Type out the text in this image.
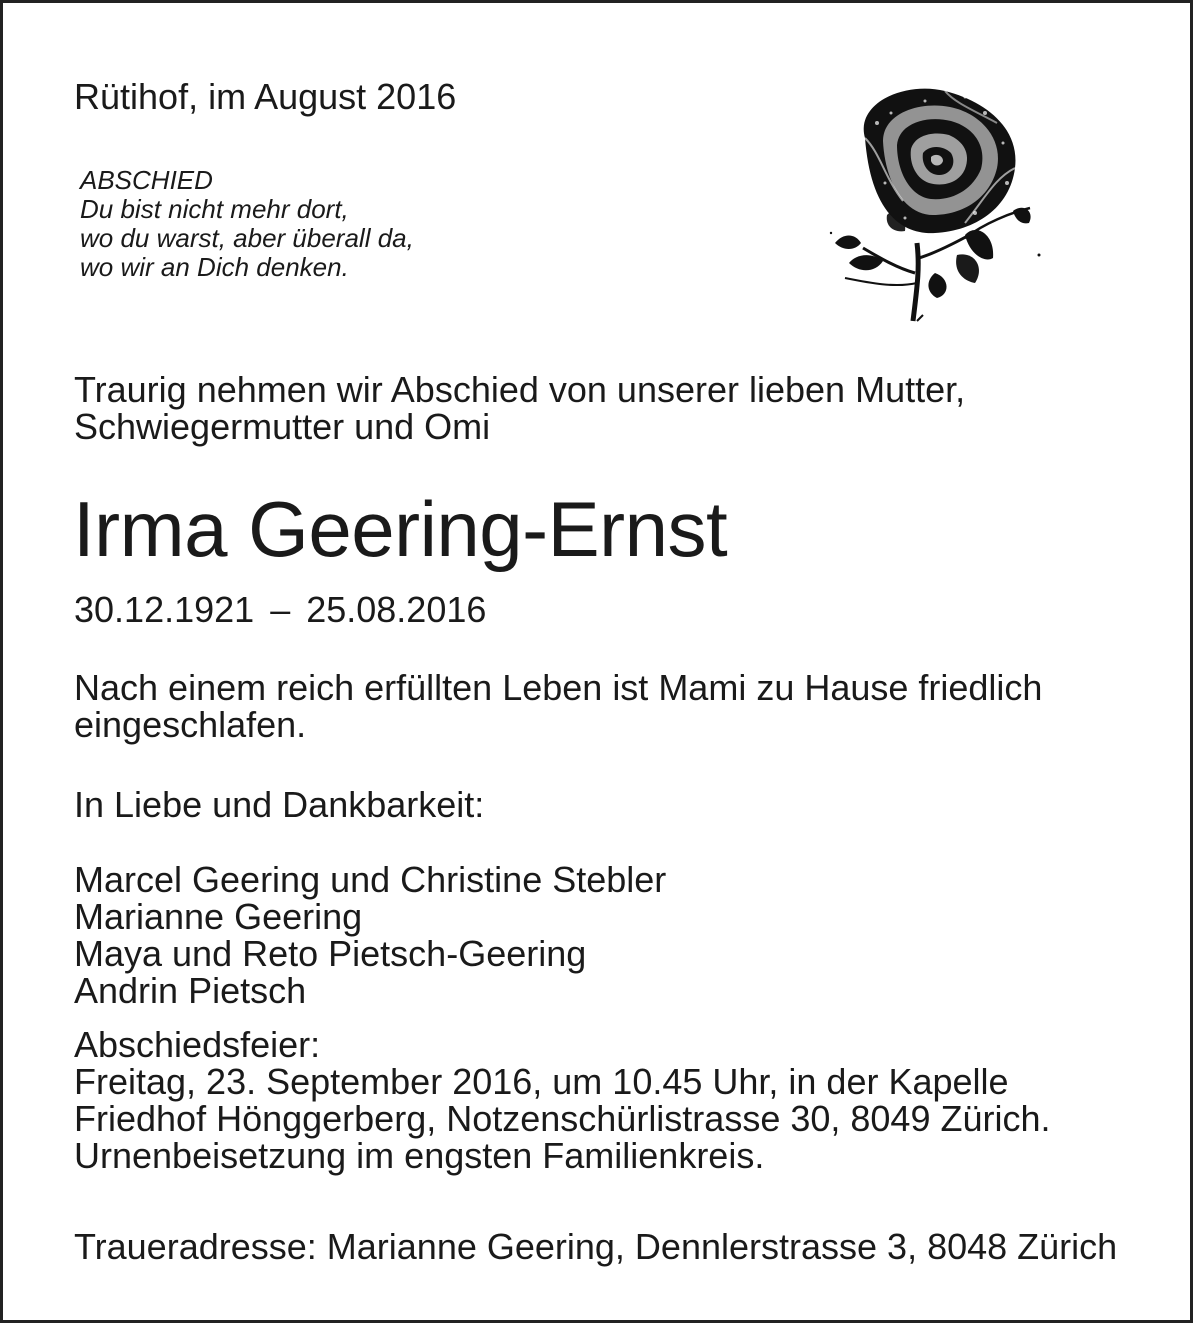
Rütihof, im August 2016
ABSCHIED
Du bist nicht mehr dort,
wo du warst, aber überall da,
wo wir an Dich denken.
Traurig nehmen wir Abschied von unserer lieben Mutter,
Schwiegermutter und Omi
Irma Geering-Ernst
30.12.1921 – 25.08.2016
Nach einem reich erfüllten Leben ist Mami zu Hause friedlich
eingeschlafen.
In Liebe und Dankbarkeit:
Marcel Geering und Christine Stebler
Marianne Geering
Maya und Reto Pietsch-Geering
Andrin Pietsch
Abschiedsfeier:
Freitag, 23. September 2016, um 10.45 Uhr, in der Kapelle
Friedhof Hönggerberg, Notzenschürlistrasse 30, 8049 Zürich.
Urnenbeisetzung im engsten Familienkreis.
Traueradresse: Marianne Geering, Dennlerstrasse 3, 8048 Zürich
